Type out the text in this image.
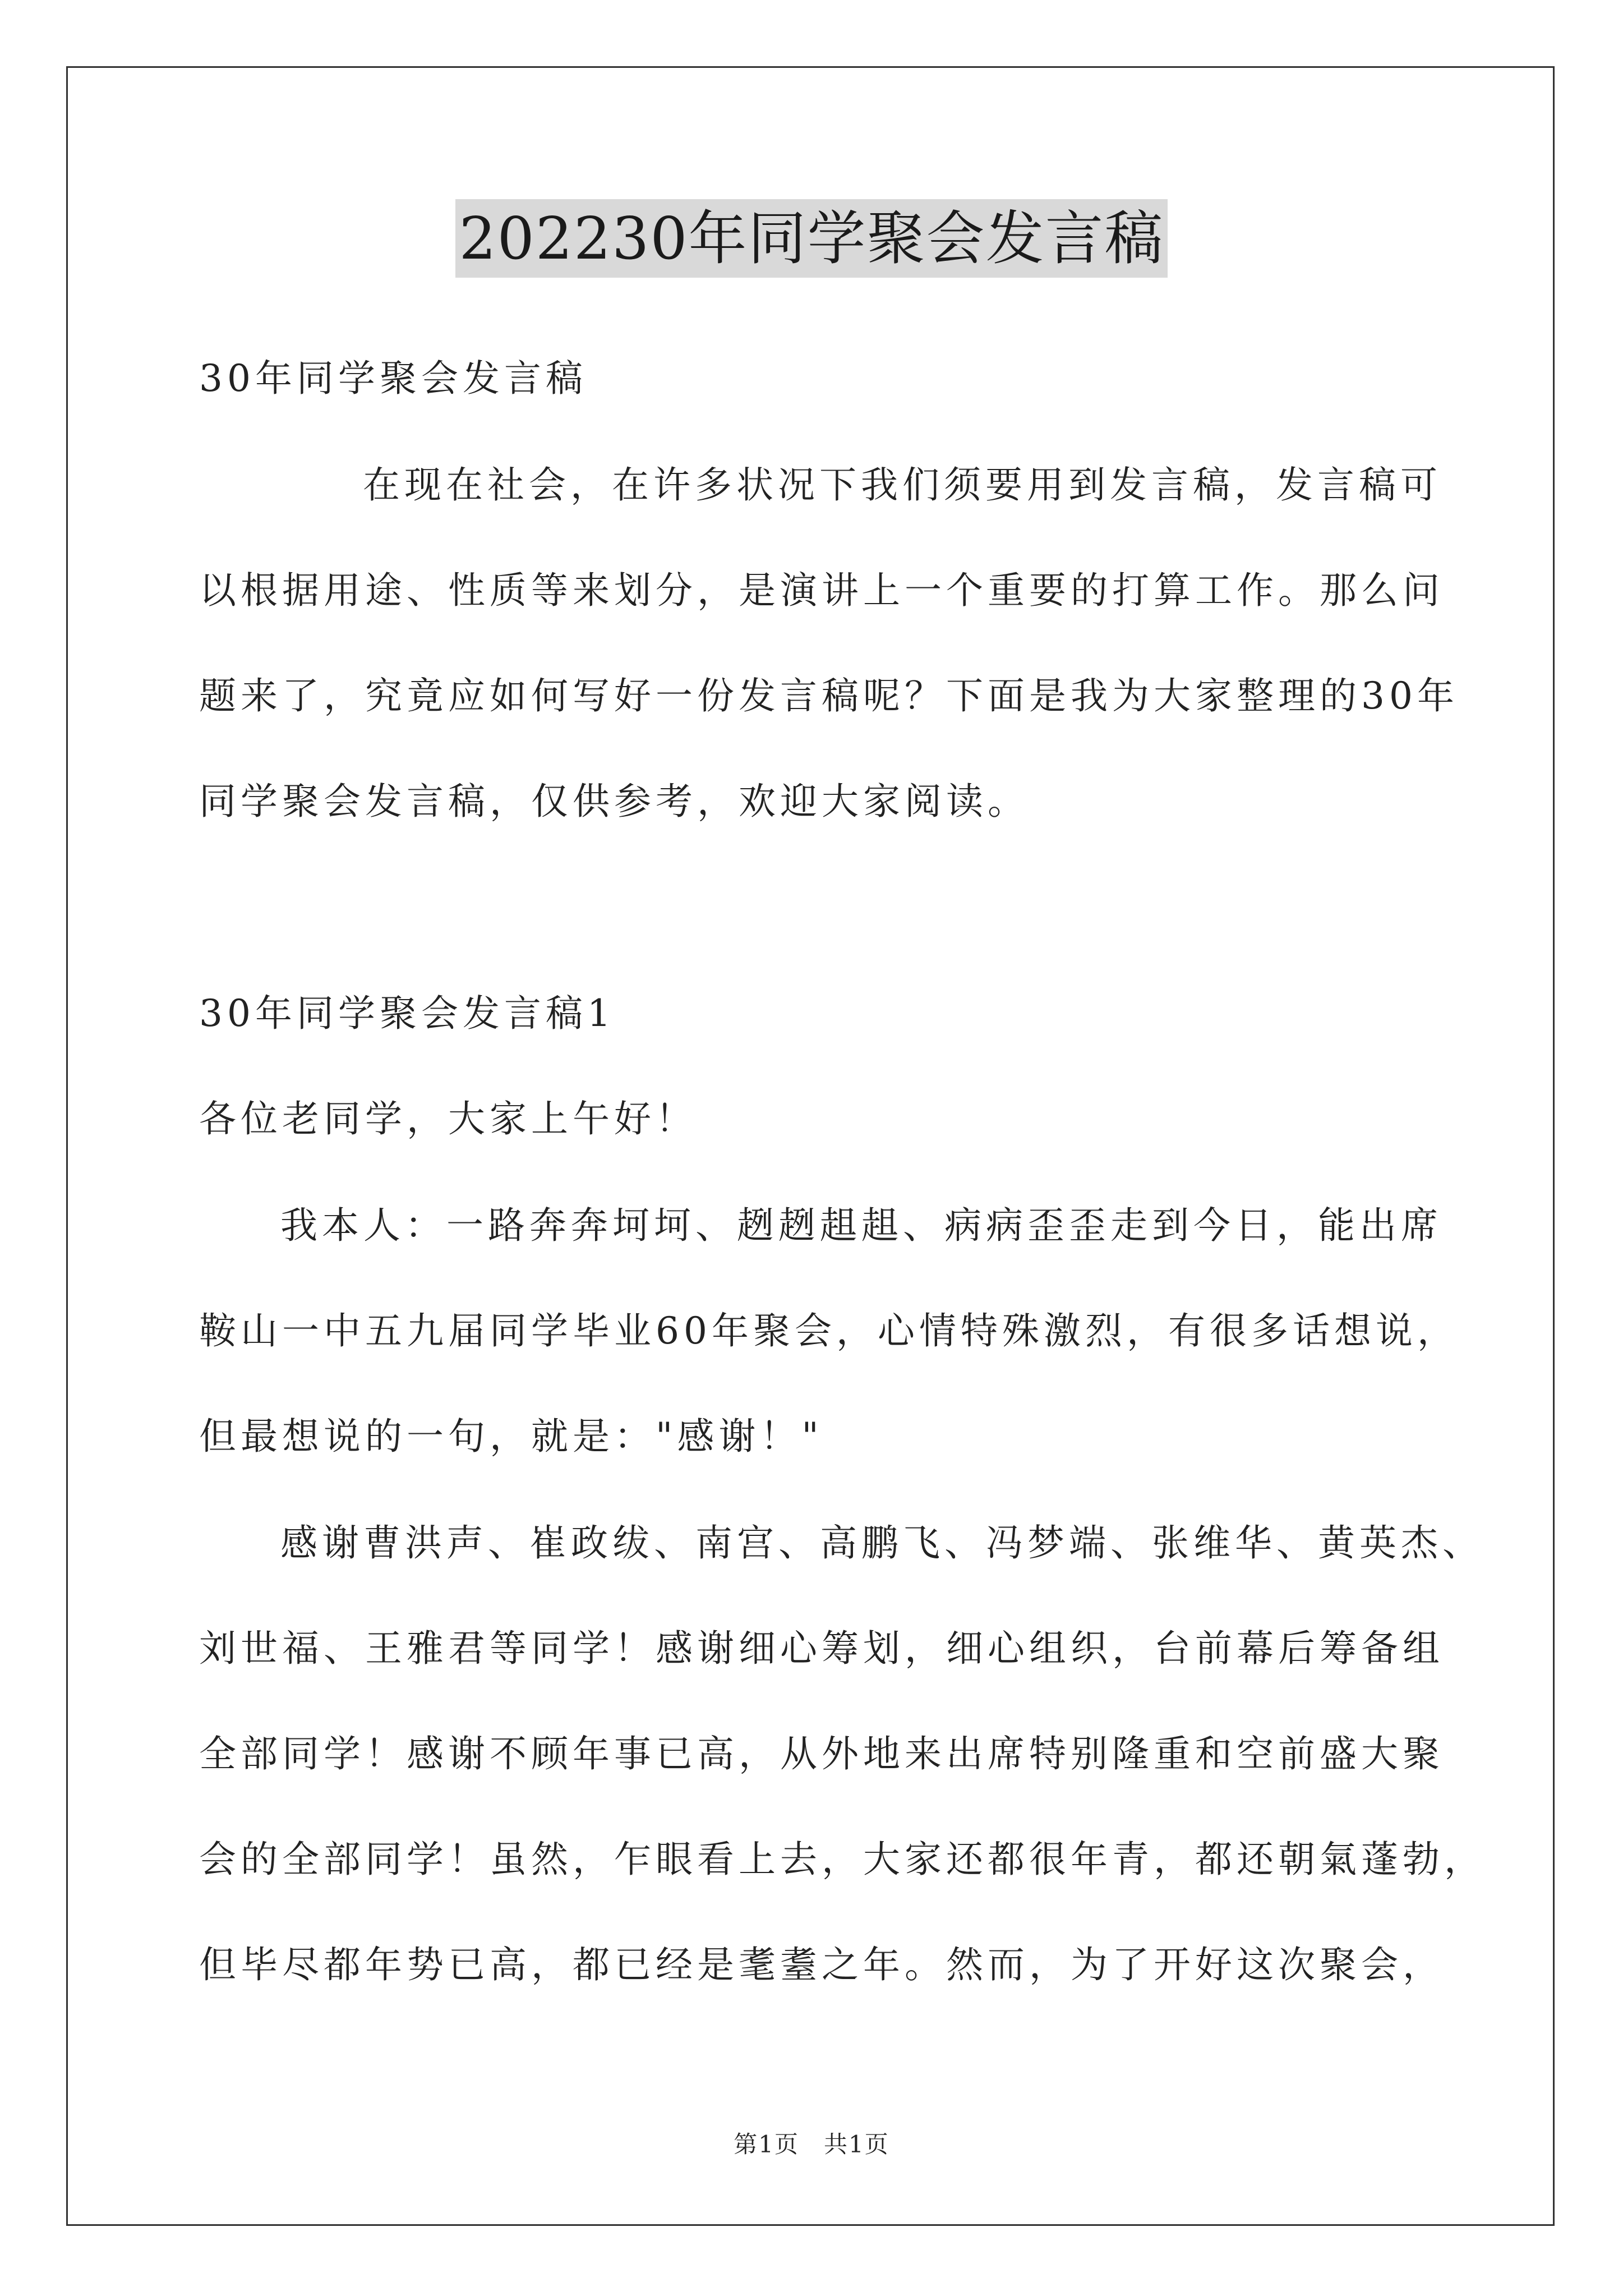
202230年同学聚会发言稿
30年同学聚会发言稿
在现在社会，在许多状况下我们须要用到发言稿，发言稿可
以根据用途、性质等来划分，是演讲上一个重要的打算工作。那么问
题来了，究竟应如何写好一份发言稿呢？下面是我为大家整理的30年
同学聚会发言稿，仅供参考，欢迎大家阅读。
30年同学聚会发言稿1
各位老同学，大家上午好！
我本人：一路奔奔坷坷、趔趔趄趄、病病歪歪走到今日，能出席
鞍山一中五九届同学毕业60年聚会，心情特殊激烈，有很多话想说，
但最想说的一句，就是："感谢！"
感谢曹洪声、崔政绂、南宫、高鹏飞、冯梦端、张维华、黄英杰、
刘世福、王雅君等同学！感谢细心筹划，细心组织，台前幕后筹备组
全部同学！感谢不顾年事已高，从外地来出席特别隆重和空前盛大聚
会的全部同学！虽然，乍眼看上去，大家还都很年青，都还朝氣蓬勃，
但毕尽都年势已高，都已经是耄耋之年。然而，为了开好这次聚会，
第1页　共1页
